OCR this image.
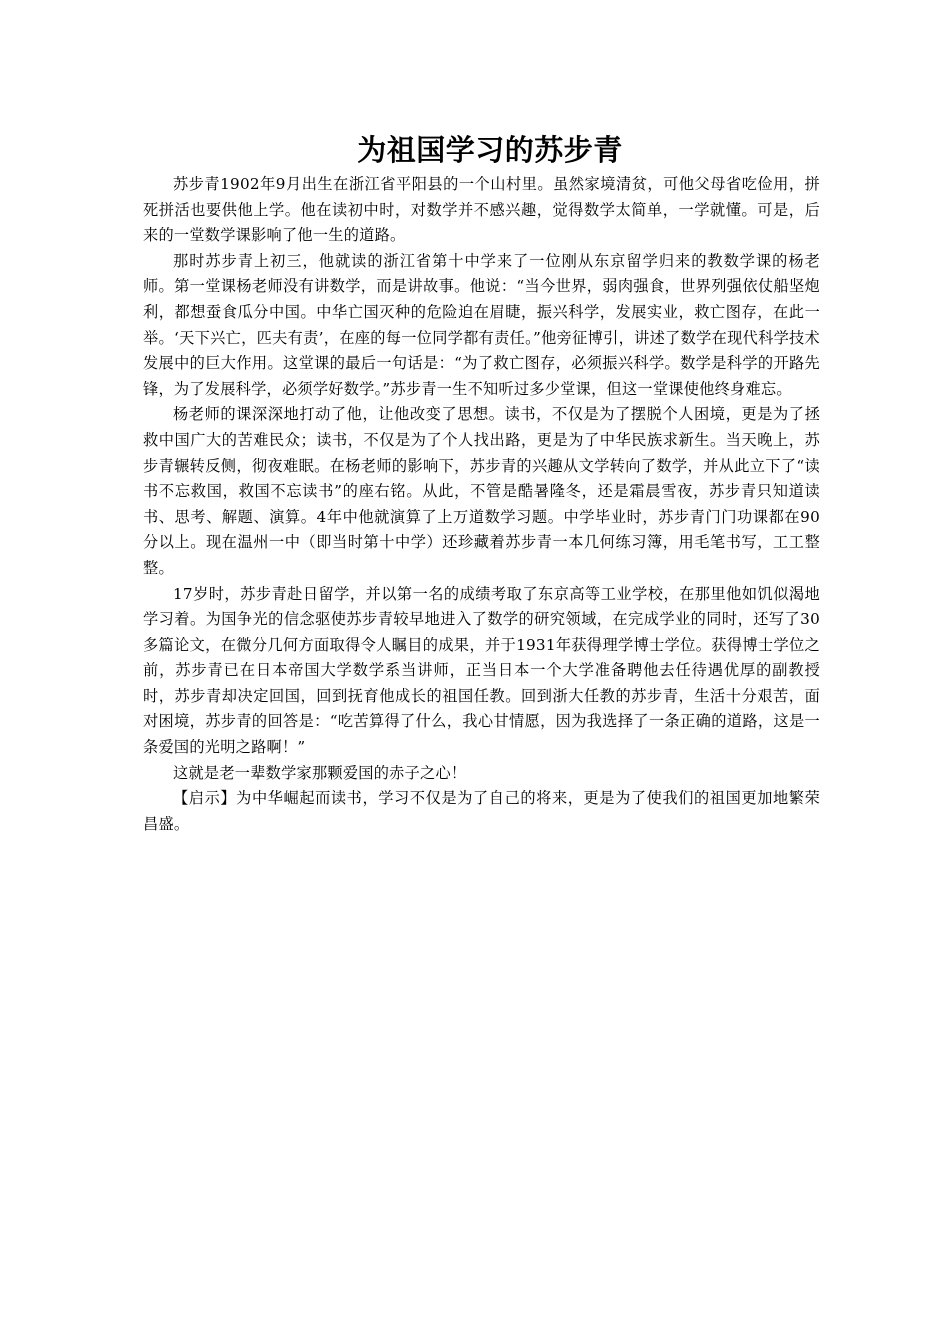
为祖国学习的苏步青

苏步青1902年9月出生在浙江省平阳县的一个山村里。虽然家境清贫，可他父母省吃俭用，拼死拼活也要供他上学。他在读初中时，对数学并不感兴趣，觉得数学太简单，一学就懂。可是，后来的一堂数学课影响了他一生的道路。

那时苏步青上初三，他就读的浙江省第十中学来了一位刚从东京留学归来的教数学课的杨老师。第一堂课杨老师没有讲数学，而是讲故事。他说：“当今世界，弱肉强食，世界列强依仗船坚炮利，都想蚕食瓜分中国。中华亡国灭种的危险迫在眉睫，振兴科学，发展实业，救亡图存，在此一举。‘天下兴亡，匹夫有责’，在座的每一位同学都有责任。”他旁征博引，讲述了数学在现代科学技术发展中的巨大作用。这堂课的最后一句话是：“为了救亡图存，必须振兴科学。数学是科学的开路先锋，为了发展科学，必须学好数学。”苏步青一生不知听过多少堂课，但这一堂课使他终身难忘。

杨老师的课深深地打动了他，让他改变了思想。读书，不仅是为了摆脱个人困境，更是为了拯救中国广大的苦难民众；读书，不仅是为了个人找出路，更是为了中华民族求新生。当天晚上，苏步青辗转反侧，彻夜难眠。在杨老师的影响下，苏步青的兴趣从文学转向了数学，并从此立下了“读书不忘救国，救国不忘读书”的座右铭。从此，不管是酷暑隆冬，还是霜晨雪夜，苏步青只知道读书、思考、解题、演算。4年中他就演算了上万道数学习题。中学毕业时，苏步青门门功课都在90分以上。现在温州一中（即当时第十中学）还珍藏着苏步青一本几何练习簿，用毛笔书写，工工整整。

17岁时，苏步青赴日留学，并以第一名的成绩考取了东京高等工业学校，在那里他如饥似渴地学习着。为国争光的信念驱使苏步青较早地进入了数学的研究领域，在完成学业的同时，还写了30多篇论文，在微分几何方面取得令人瞩目的成果，并于1931年获得理学博士学位。获得博士学位之前，苏步青已在日本帝国大学数学系当讲师，正当日本一个大学准备聘他去任待遇优厚的副教授时，苏步青却决定回国，回到抚育他成长的祖国任教。回到浙大任教的苏步青，生活十分艰苦，面对困境，苏步青的回答是：“吃苦算得了什么，我心甘情愿，因为我选择了一条正确的道路，这是一条爱国的光明之路啊！”

这就是老一辈数学家那颗爱国的赤子之心！

【启示】为中华崛起而读书，学习不仅是为了自己的将来，更是为了使我们的祖国更加地繁荣昌盛。
